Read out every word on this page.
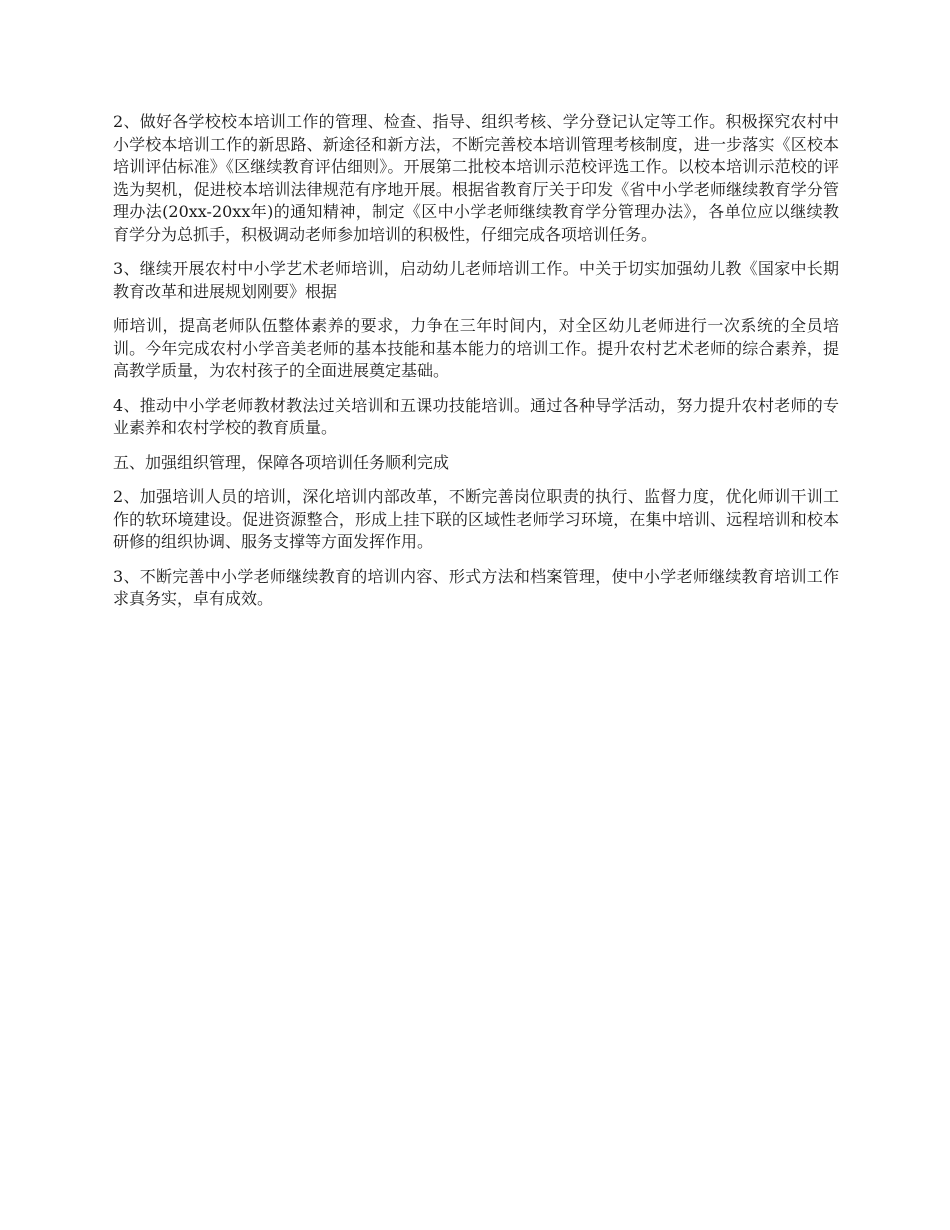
2、做好各学校校本培训工作的管理、检查、指导、组织考核、学分登记认定等工作。积极探究农村中小学校本培训工作的新思路、新途径和新方法，不断完善校本培训管理考核制度，进一步落实《区校本培训评估标准》《区继续教育评估细则》。开展第二批校本培训示范校评选工作。以校本培训示范校的评选为契机，促进校本培训法律规范有序地开展。根据省教育厅关于印发《省中小学老师继续教育学分管理办法(20xx-20xx年)的通知精神，制定《区中小学老师继续教育学分管理办法》，各单位应以继续教育学分为总抓手，积极调动老师参加培训的积极性，仔细完成各项培训任务。

3、继续开展农村中小学艺术老师培训，启动幼儿老师培训工作。中关于切实加强幼儿教《国家中长期教育改革和进展规划刚要》根据

师培训，提高老师队伍整体素养的要求，力争在三年时间内，对全区幼儿老师进行一次系统的全员培训。今年完成农村小学音美老师的基本技能和基本能力的培训工作。提升农村艺术老师的综合素养，提高教学质量，为农村孩子的全面进展奠定基础。

4、推动中小学老师教材教法过关培训和五课功技能培训。通过各种导学活动，努力提升农村老师的专业素养和农村学校的教育质量。

五、加强组织管理，保障各项培训任务顺利完成

2、加强培训人员的培训，深化培训内部改革，不断完善岗位职责的执行、监督力度，优化师训干训工作的软环境建设。促进资源整合，形成上挂下联的区域性老师学习环境，在集中培训、远程培训和校本研修的组织协调、服务支撑等方面发挥作用。

3、不断完善中小学老师继续教育的培训内容、形式方法和档案管理，使中小学老师继续教育培训工作求真务实，卓有成效。
